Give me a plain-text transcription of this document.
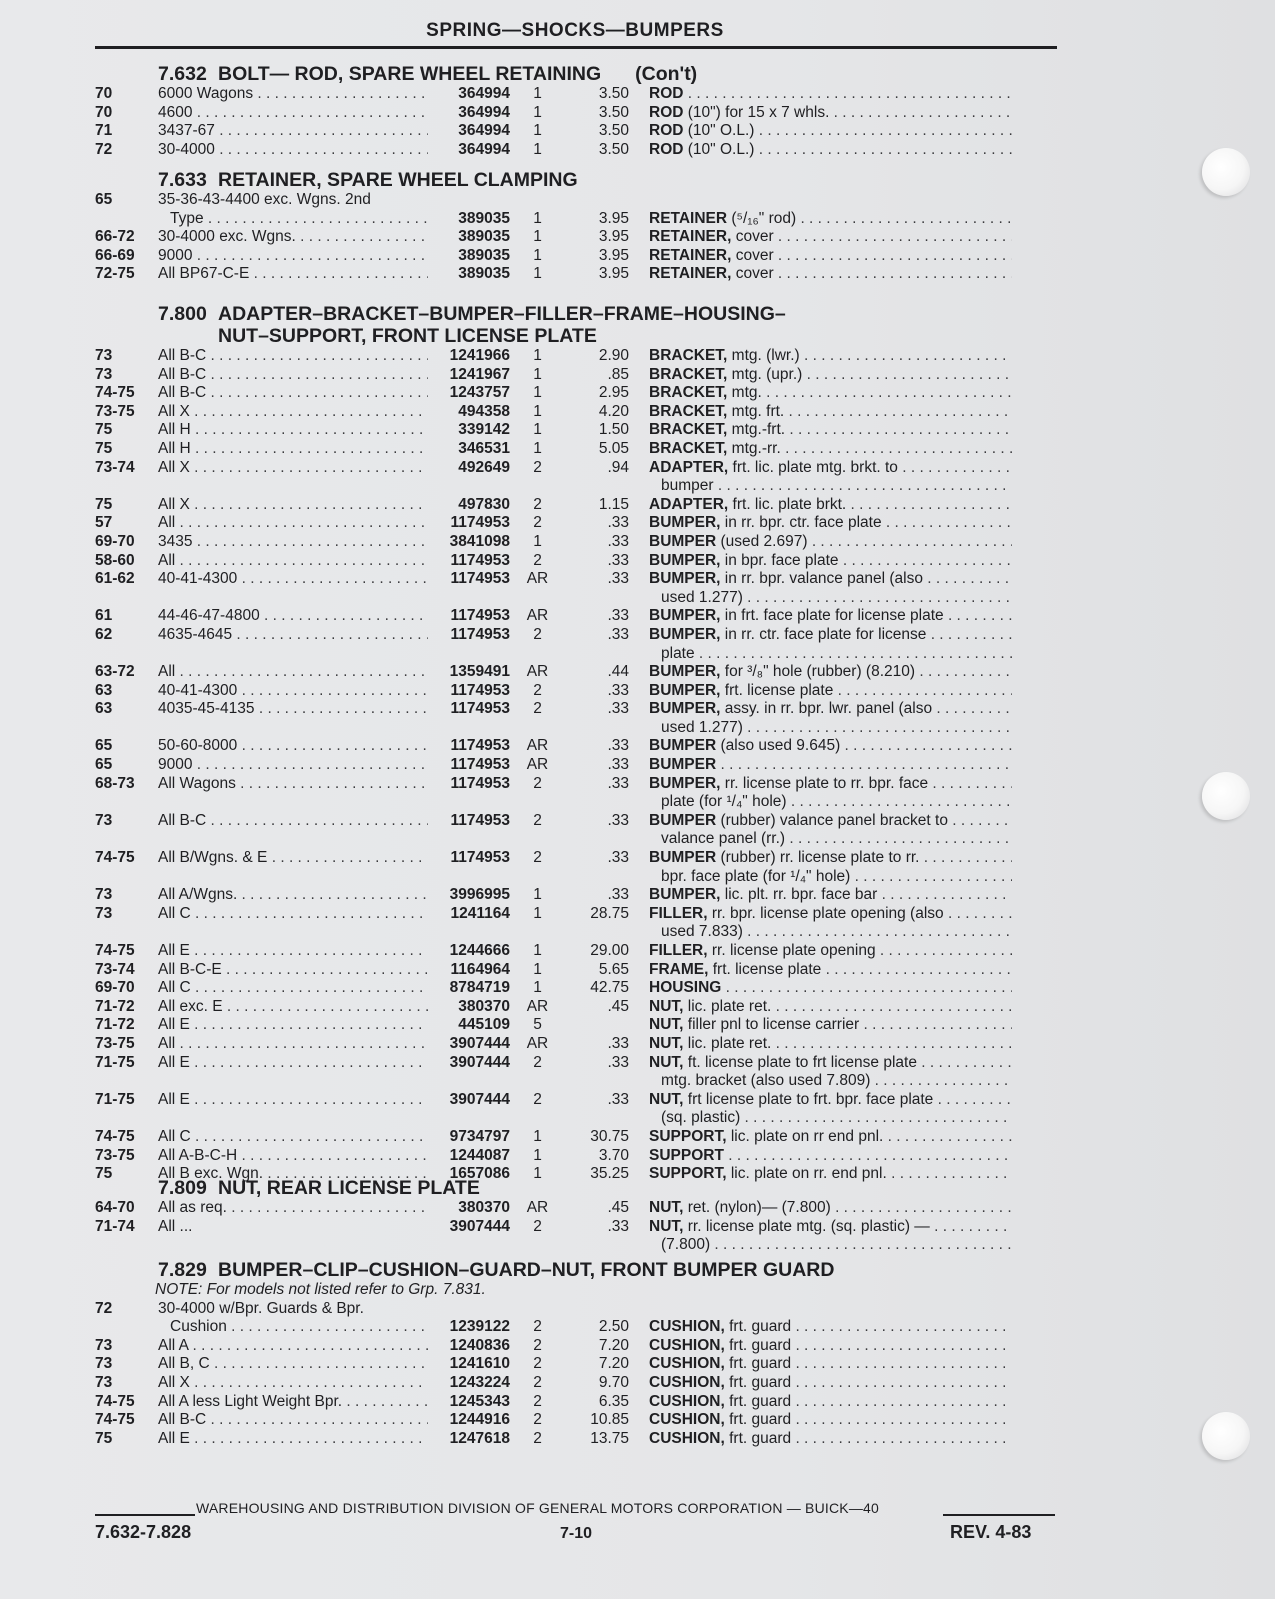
SPRING—SHOCKS—BUMPERS
7.632 BOLT— ROD, SPARE WHEEL RETAINING (Con't)
70	6000 Wagons . . .	364994	1	3.50 ROD . . .
70	4600 . . .	364994	1	3.50 ROD (10") for 15 x 7 whls. . . .
71	3437-67 . . .	364994	1	3.50 ROD (10" O.L.) . . .
72	30-4000 . . .	364994	1	3.50 ROD (10" O.L.) . . .
7.633 RETAINER, SPARE WHEEL CLAMPING
65	35-36-43-4400 exc. Wgns. 2nd
Type . . .	389035	1	3.95 RETAINER (⁵/₁₆" rod) . . .
66-72	30-4000 exc. Wgns. . . .	389035	1	3.95 RETAINER, cover . . .
66-69	9000 . . .	389035	1	3.95 RETAINER, cover . . .
72-75	All BP67-C-E . . .	389035	1	3.95 RETAINER, cover . . .
7.800 ADAPTER–BRACKET–BUMPER–FILLER–FRAME–HOUSING–
NUT–SUPPORT, FRONT LICENSE PLATE
73	All B-C . . .	1241966	1	2.90 BRACKET, mtg. (lwr.) . . .
73	All B-C . . .	1241967	1	.85 BRACKET, mtg. (upr.) . . .
74-75	All B-C . . .	1243757	1	2.95 BRACKET, mtg. . . .
73-75	All X . . .	494358	1	4.20 BRACKET, mtg. frt. . . .
75	All H . . .	339142	1	1.50 BRACKET, mtg.-frt. . . .
75	All H . . .	346531	1	5.05 BRACKET, mtg.-rr. . . .
73-74	All X . . .	492649	2	.94 ADAPTER, frt. lic. plate mtg. brkt. to . . .
bumper . . .
75	All X . . .	497830	2	1.15 ADAPTER, frt. lic. plate brkt. . . .
57	All . . .	1174953	2	.33 BUMPER, in rr. bpr. ctr. face plate . . .
69-70	3435 . . .	3841098	1	.33 BUMPER (used 2.697) . . .
58-60	All . . .	1174953	2	.33 BUMPER, in bpr. face plate . . .
61-62	40-41-4300 . . .	1174953	AR	.33 BUMPER, in rr. bpr. valance panel (also . . .
used 1.277) . . .
61	44-46-47-4800 . . .	1174953	AR	.33 BUMPER, in frt. face plate for license plate . . .
62	4635-4645 . . .	1174953	2	.33 BUMPER, in rr. ctr. face plate for license . . .
plate . . .
63-72	All . . .	1359491	AR	.44 BUMPER, for ³/₈" hole (rubber) (8.210) . . .
63	40-41-4300 . . .	1174953	2	.33 BUMPER, frt. license plate . . .
63	4035-45-4135 . . .	1174953	2	.33 BUMPER, assy. in rr. bpr. lwr. panel (also . . .
used 1.277) . . .
65	50-60-8000 . . .	1174953	AR	.33 BUMPER (also used 9.645) . . .
65	9000 . . .	1174953	AR	.33 BUMPER . . .
68-73	All Wagons . . .	1174953	2	.33 BUMPER, rr. license plate to rr. bpr. face . . .
plate (for ¹/₄" hole) . . .
73	All B-C . . .	1174953	2	.33 BUMPER (rubber) valance panel bracket to . . .
valance panel (rr.) . . .
74-75	All B/Wgns. & E . . .	1174953	2	.33 BUMPER (rubber) rr. license plate to rr. . . .
bpr. face plate (for ¹/₄" hole) . . .
73	All A/Wgns. . . .	3996995	1	.33 BUMPER, lic. plt. rr. bpr. face bar . . .
73	All C . . .	1241164	1	28.75 FILLER, rr. bpr. license plate opening (also . . .
used 7.833) . . .
74-75	All E . . .	1244666	1	29.00 FILLER, rr. license plate opening . . .
73-74	All B-C-E . . .	1164964	1	5.65 FRAME, frt. license plate . . .
69-70	All C . . .	8784719	1	42.75 HOUSING . . .
71-72	All exc. E . . .	380370	AR	.45 NUT, lic. plate ret. . . .
71-72	All E . . .	445109	5	NUT, filler pnl to license carrier . . .
73-75	All . . .	3907444	AR	.33 NUT, lic. plate ret. . . .
71-75	All E . . .	3907444	2	.33 NUT, ft. license plate to frt license plate . . .
mtg. bracket (also used 7.809) . . .
71-75	All E . . .	3907444	2	.33 NUT, frt license plate to frt. bpr. face plate . . .
(sq. plastic) . . .
74-75	All C . . .	9734797	1	30.75 SUPPORT, lic. plate on rr end pnl. . . .
73-75	All A-B-C-H . . .	1244087	1	3.70 SUPPORT . . .
75	All B exc. Wgn. . . .	1657086	1	35.25 SUPPORT, lic. plate on rr. end pnl. . . .
7.809 NUT, REAR LICENSE PLATE
64-70	All as req. . . .	380370	AR	.45 NUT, ret. (nylon)— (7.800) . . .
71-74	All ...	3907444	2	.33 NUT, rr. license plate mtg. (sq. plastic) — . . .
(7.800) . . .
7.829 BUMPER–CLIP–CUSHION–GUARD–NUT, FRONT BUMPER GUARD
NOTE: For models not listed refer to Grp. 7.831.
72	30-4000 w/Bpr. Guards & Bpr.
Cushion . . .	1239122	2	2.50 CUSHION, frt. guard . . .
73	All A . . .	1240836	2	7.20 CUSHION, frt. guard . . .
73	All B, C . . .	1241610	2	7.20 CUSHION, frt. guard . . .
73	All X . . .	1243224	2	9.70 CUSHION, frt. guard . . .
74-75	All A less Light Weight Bpr. . . .	1245343	2	6.35 CUSHION, frt. guard . . .
74-75	All B-C . . .	1244916	2	10.85 CUSHION, frt. guard . . .
75	All E . . .	1247618	2	13.75 CUSHION, frt. guard . . .
WAREHOUSING AND DISTRIBUTION DIVISION OF GENERAL MOTORS CORPORATION — BUICK—40
7.632-7.828	7-10	REV. 4-83
